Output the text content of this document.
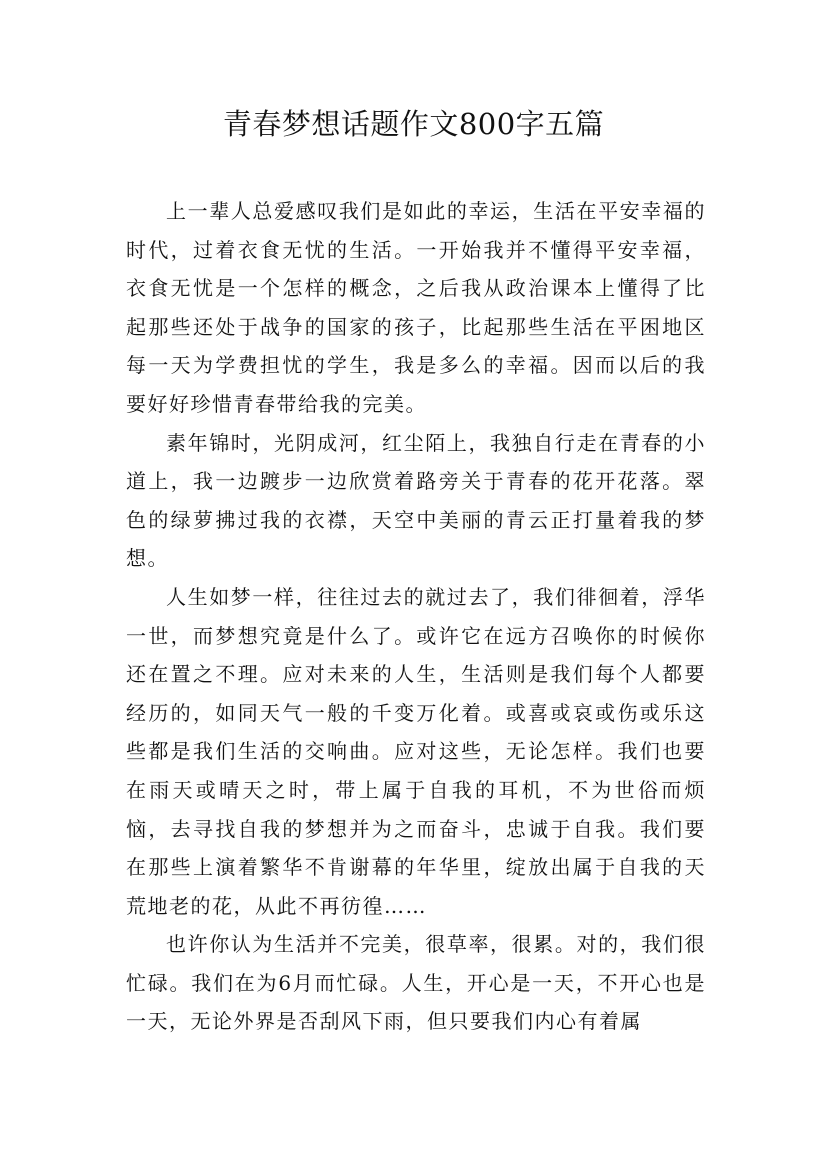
青春梦想话题作文800字五篇

上一辈人总爱感叹我们是如此的幸运，生活在平安幸福的时代，过着衣食无忧的生活。一开始我并不懂得平安幸福，衣食无忧是一个怎样的概念，之后我从政治课本上懂得了比起那些还处于战争的国家的孩子，比起那些生活在平困地区每一天为学费担忧的学生，我是多么的幸福。因而以后的我要好好珍惜青春带给我的完美。

素年锦时，光阴成河，红尘陌上，我独自行走在青春的小道上，我一边踱步一边欣赏着路旁关于青春的花开花落。翠色的绿萝拂过我的衣襟，天空中美丽的青云正打量着我的梦想。

人生如梦一样，往往过去的就过去了，我们徘徊着，浮华一世，而梦想究竟是什么了。或许它在远方召唤你的时候你还在置之不理。应对未来的人生，生活则是我们每个人都要经历的，如同天气一般的千变万化着。或喜或哀或伤或乐这些都是我们生活的交响曲。应对这些，无论怎样。我们也要在雨天或晴天之时，带上属于自我的耳机，不为世俗而烦恼，去寻找自我的梦想并为之而奋斗，忠诚于自我。我们要在那些上演着繁华不肯谢幕的年华里，绽放出属于自我的天荒地老的花，从此不再彷徨……

也许你认为生活并不完美，很草率，很累。对的，我们很忙碌。我们在为6月而忙碌。人生，开心是一天，不开心也是一天，无论外界是否刮风下雨，但只要我们内心有着属
